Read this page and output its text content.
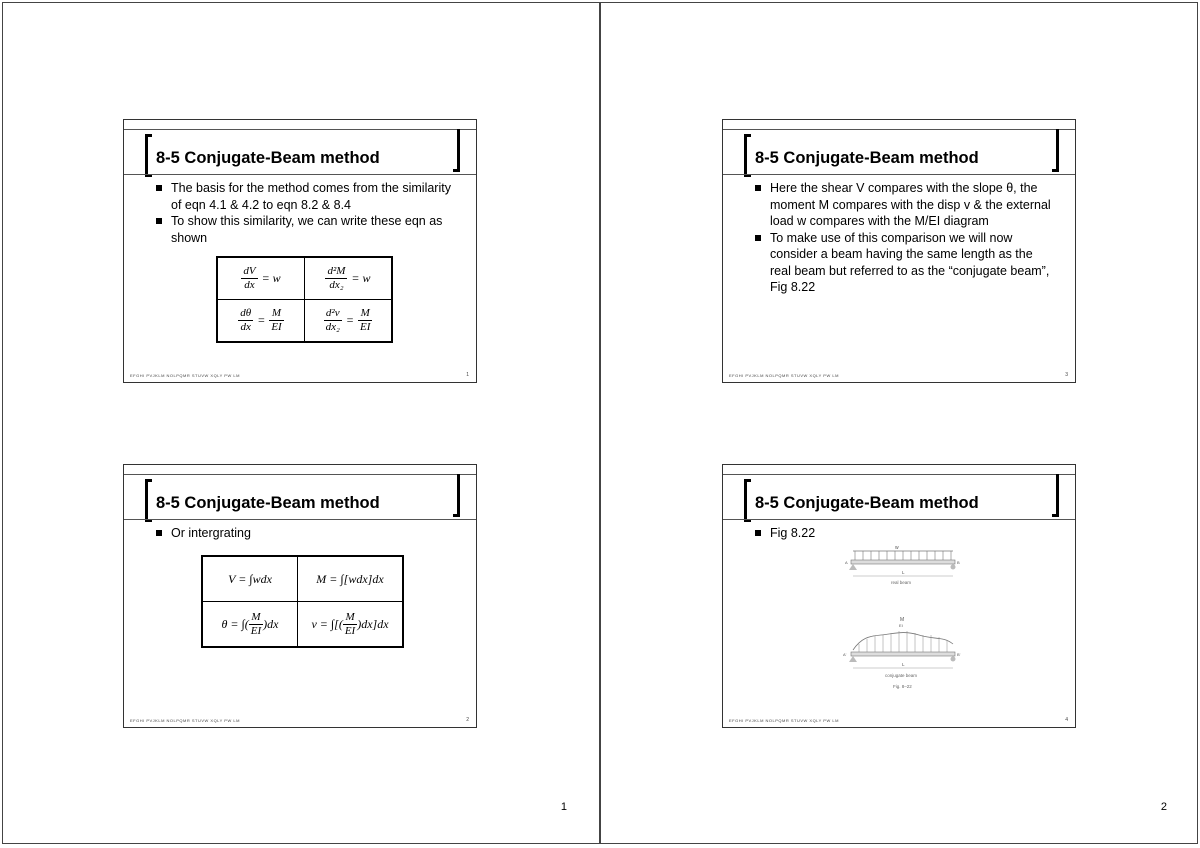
8-5 Conjugate-Beam method
The basis for the method comes from the similarity of eqn 4.1 & 4.2 to eqn 8.2 & 8.4
To show this similarity, we can write these eqn as shown
$\frac{dV}{dx} = w$	$\frac{\text{d²M}}{\text{dx₂}} = w$

$\frac{d\theta}{dx} = \frac{M}{EI}$	$\frac{\text{d²v}}{\text{dx₂}} = \frac{M}{EI}$
EFGHI PVJKLM NOLPQMR STUVW XQLY PW LM	1
8-5 Conjugate-Beam method
Or intergrating
V = ∫wdx	M = ∫[wdx]dx
θ = ∫( $\frac{M}{EI} )dx$	v = ∫[( $\frac{M}{EI} )dx]dx$
EFGHI PVJKLM NOLPQMR STUVW XQLY PW LM	2
1
8-5 Conjugate-Beam method
Here the shear V compares with the slope θ, the moment M compares with the disp v & the external load w compares with the M/EI diagram
To make use of this comparison we will now consider a beam having the same length as the real beam but referred to as the “conjugate beam”, Fig 8.22
EFGHI PVJKLM NOLPQMR STUVW XQLY PW LM	3
8-5 Conjugate-Beam method
Fig 8.22
w
A	B
L
real beam
M
EI
A'	B'
L
conjugate beam
Fig. 8–22
EFGHI PVJKLM NOLPQMR STUVW XQLY PW LM	4
2
